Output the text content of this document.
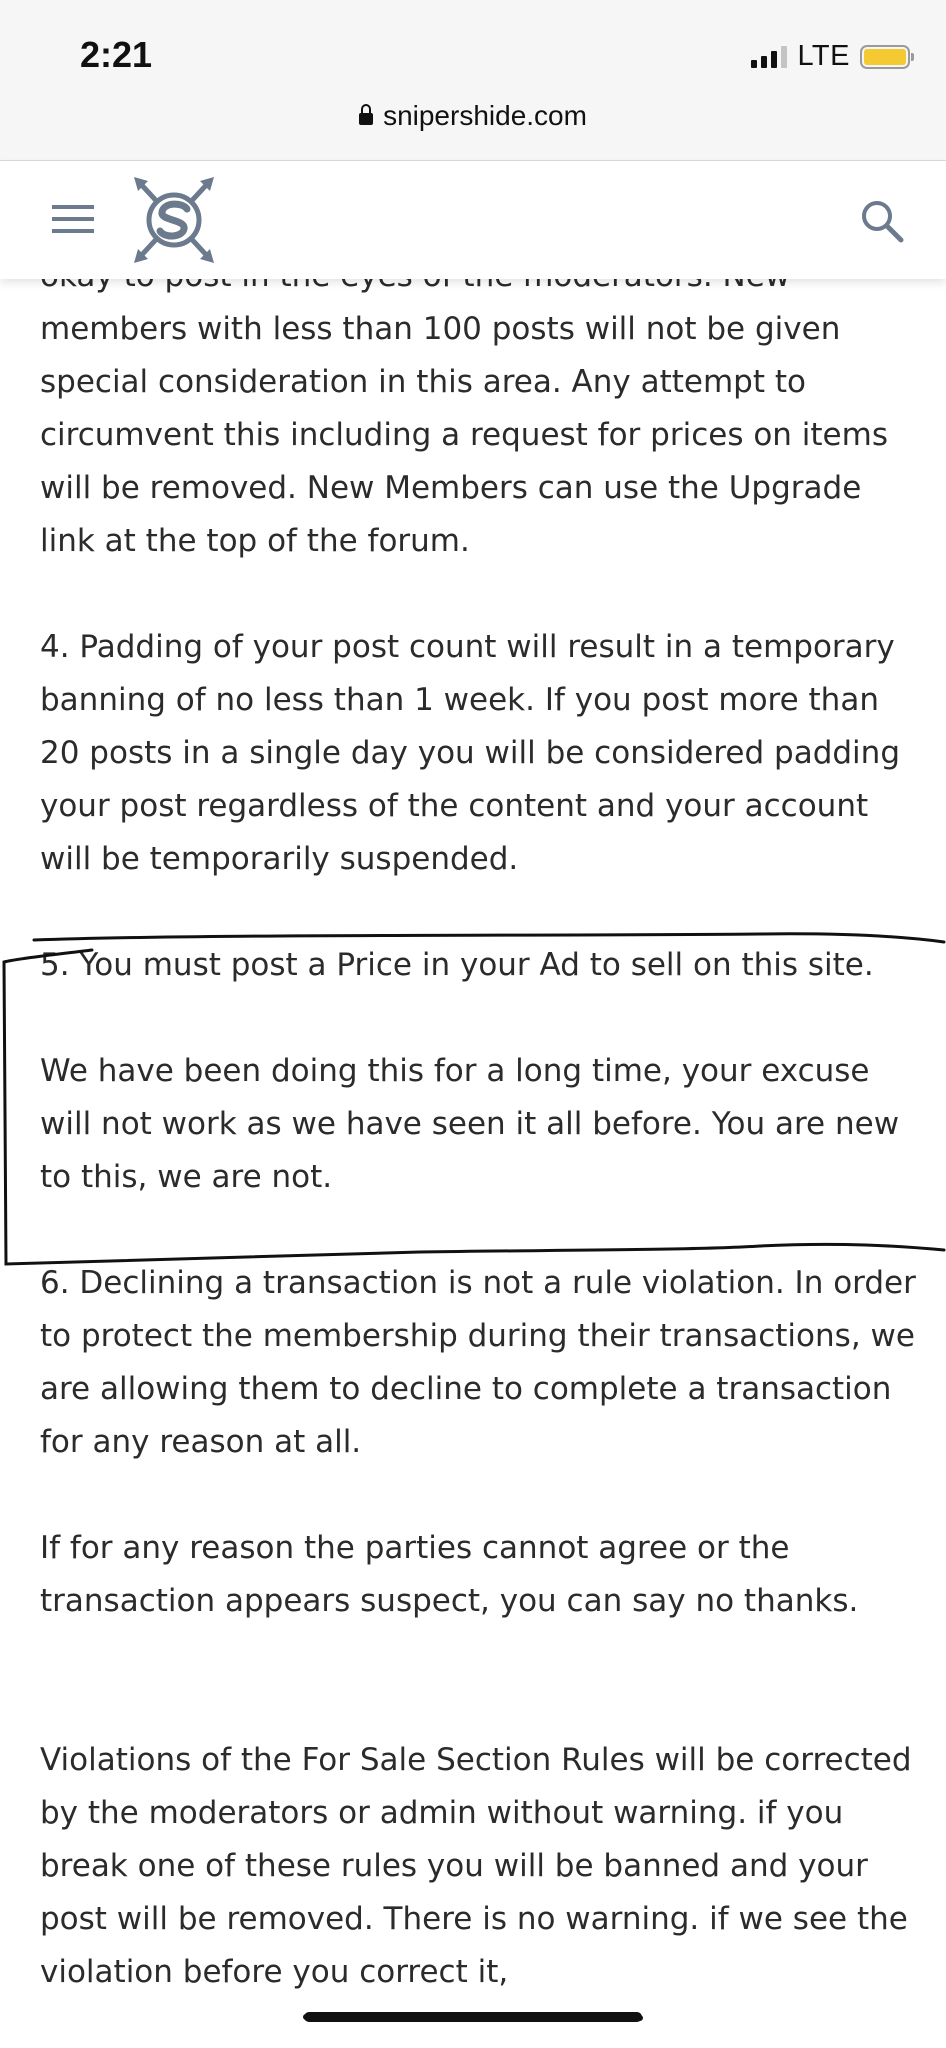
2:21	LTE
snipershide.com

members with less than 100 posts will not be given special consideration in this area. Any attempt to circumvent this including a request for prices on items will be removed. New Members can use the Upgrade link at the top of the forum.

4. Padding of your post count will result in a temporary banning of no less than 1 week. If you post more than 20 posts in a single day you will be considered padding your post regardless of the content and your account will be temporarily suspended.

5. You must post a Price in your Ad to sell on this site.

We have been doing this for a long time, your excuse will not work as we have seen it all before. You are new to this, we are not.

6. Declining a transaction is not a rule violation. In order to protect the membership during their transactions, we are allowing them to decline to complete a transaction for any reason at all.

If for any reason the parties cannot agree or the transaction appears suspect, you can say no thanks.

Violations of the For Sale Section Rules will be corrected by the moderators or admin without warning. if you break one of these rules you will be banned and your post will be removed. There is no warning. if we see the violation before you correct it,
